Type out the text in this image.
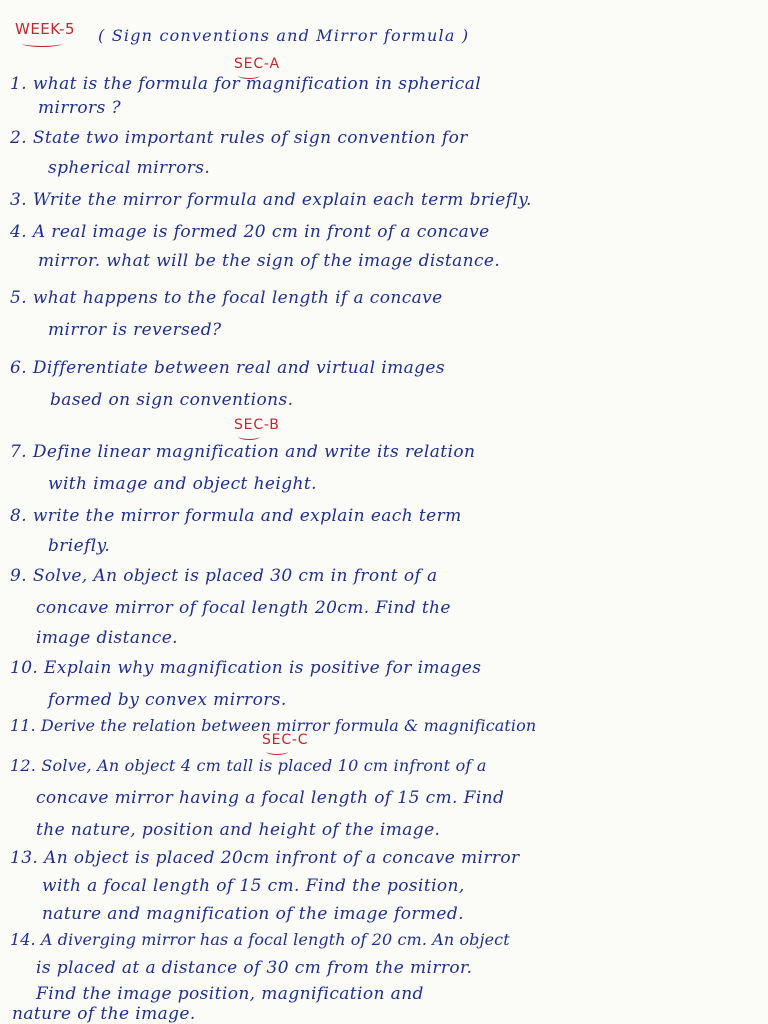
WEEK-5 ( Sign conventions and Mirror formula )
SEC-A
1. what is the formula for magnification in spherical
mirrors ?
2. State two important rules of sign convention for
spherical mirrors.
3. Write the mirror formula and explain each term briefly.
4. A real image is formed 20 cm in front of a concave
mirror. what will be the sign of the image distance.
5. what happens to the focal length if a concave
mirror is reversed?
6. Differentiate between real and virtual images
based on sign conventions.
SEC-B
7. Define linear magnification and write its relation
with image and object height.
8. write the mirror formula and explain each term
briefly.
9. Solve, An object is placed 30 cm in front of a
concave mirror of focal length 20cm. Find the
image distance.
10. Explain why magnification is positive for images
formed by convex mirrors.
11. Derive the relation between mirror formula & magnification
SEC-C
12. Solve, An object 4 cm tall is placed 10 cm infront of a
concave mirror having a focal length of 15 cm. Find
the nature, position and height of the image.
13. An object is placed 20cm infront of a concave mirror
with a focal length of 15 cm. Find the position,
nature and magnification of the image formed.
14. A diverging mirror has a focal length of 20 cm. An object
is placed at a distance of 30 cm from the mirror.
Find the image position, magnification and
nature of the image.
